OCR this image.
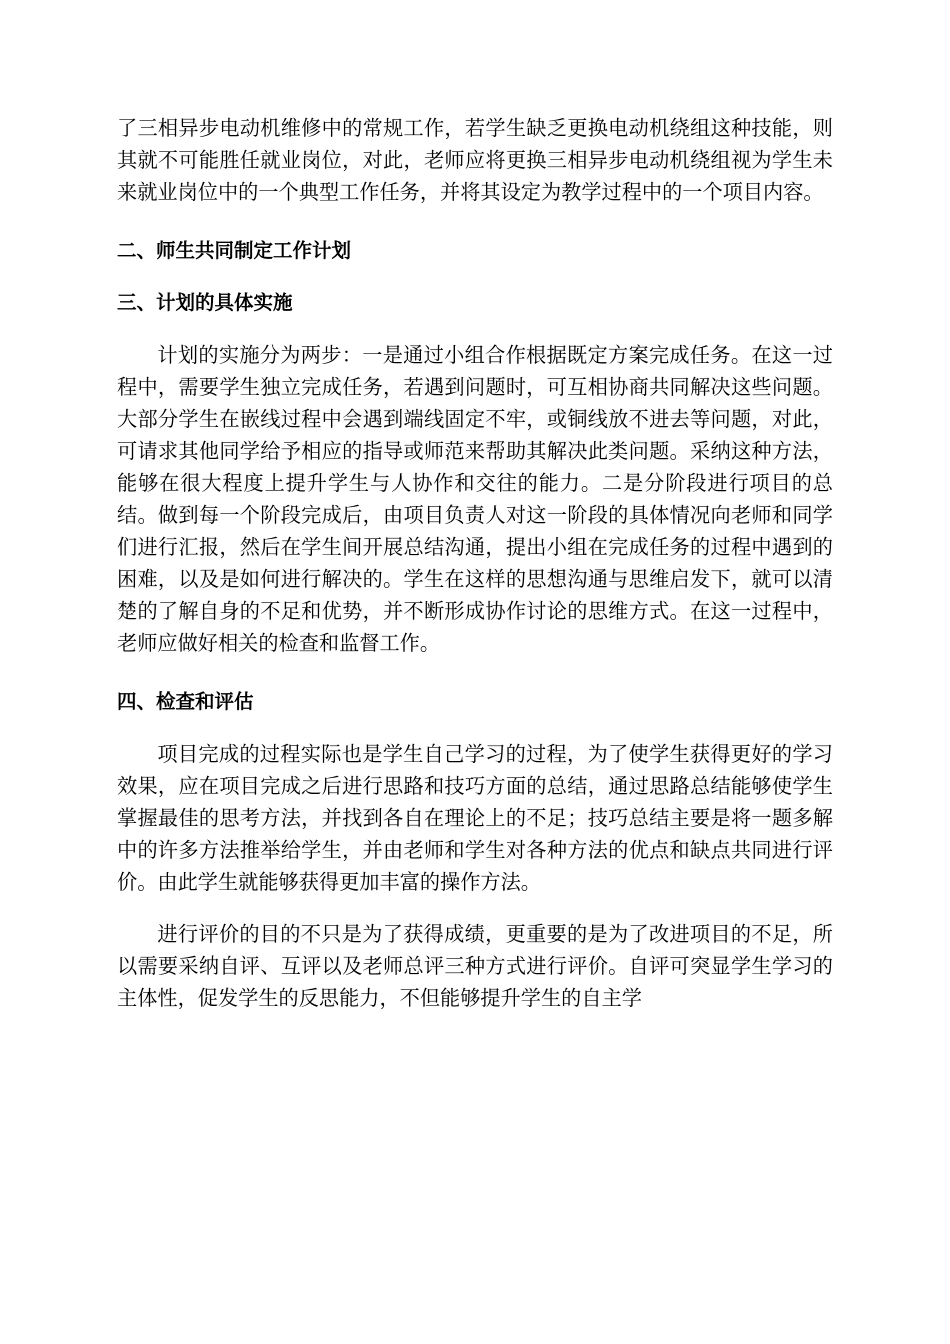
了三相异步电动机维修中的常规工作，若学生缺乏更换电动机绕组这种技能，则其就不可能胜任就业岗位，对此，老师应将更换三相异步电动机绕组视为学生未来就业岗位中的一个典型工作任务，并将其设定为教学过程中的一个项目内容。

二、师生共同制定工作计划
三、计划的具体实施

计划的实施分为两步：一是通过小组合作根据既定方案完成任务。在这一过程中，需要学生独立完成任务，若遇到问题时，可互相协商共同解决这些问题。大部分学生在嵌线过程中会遇到端线固定不牢，或铜线放不进去等问题，对此，可请求其他同学给予相应的指导或师范来帮助其解决此类问题。采纳这种方法，能够在很大程度上提升学生与人协作和交往的能力。二是分阶段进行项目的总结。做到每一个阶段完成后，由项目负责人对这一阶段的具体情况向老师和同学们进行汇报，然后在学生间开展总结沟通，提出小组在完成任务的过程中遇到的困难，以及是如何进行解决的。学生在这样的思想沟通与思维启发下，就可以清楚的了解自身的不足和优势，并不断形成协作讨论的思维方式。在这一过程中，老师应做好相关的检查和监督工作。

四、检查和评估

项目完成的过程实际也是学生自己学习的过程，为了使学生获得更好的学习效果，应在项目完成之后进行思路和技巧方面的总结，通过思路总结能够使学生掌握最佳的思考方法，并找到各自在理论上的不足；技巧总结主要是将一题多解中的许多方法推举给学生，并由老师和学生对各种方法的优点和缺点共同进行评价。由此学生就能够获得更加丰富的操作方法。

进行评价的目的不只是为了获得成绩，更重要的是为了改进项目的不足，所以需要采纳自评、互评以及老师总评三种方式进行评价。自评可突显学生学习的主体性，促发学生的反思能力，不但能够提升学生的自主学
